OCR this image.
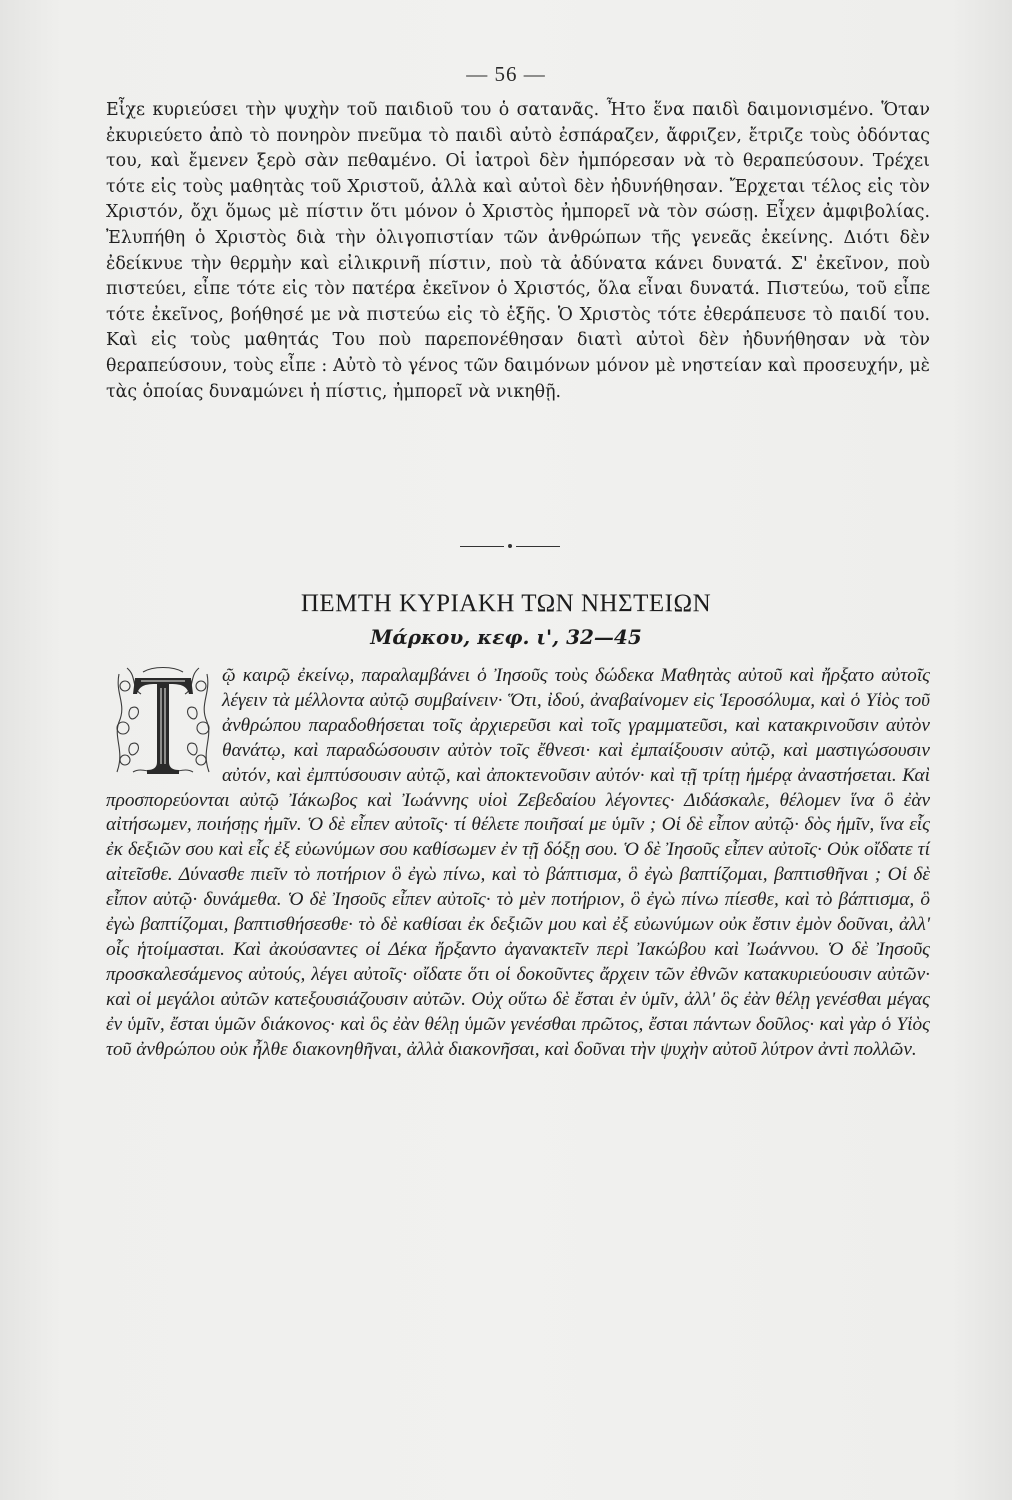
— 56 —

Εἶχε κυριεύσει τὴν ψυχὴν τοῦ παιδιοῦ του ὁ σατανᾶς. Ἦτο ἕνα παιδὶ δαιμονισμένο. Ὅταν ἐκυριεύετο ἀπὸ τὸ πονηρὸν πνεῦμα τὸ παιδὶ αὐτὸ ἐσπάραζεν, ἄφριζεν, ἔτριζε τοὺς ὀδόντας του, καὶ ἔμενεν ξερὸ σὰν πεθαμένο. Οἱ ἰατροὶ δὲν ἠμπόρεσαν νὰ τὸ θεραπεύσουν. Τρέχει τότε εἰς τοὺς μαθητὰς τοῦ Χριστοῦ, ἀλλὰ καὶ αὐτοὶ δὲν ἠδυνήθησαν. Ἔρχεται τέλος εἰς τὸν Χριστόν, ὄχι ὅμως μὲ πίστιν ὅτι μόνον ὁ Χριστὸς ἠμπορεῖ νὰ τὸν σώσῃ. Εἶχεν ἀμφιβολίας. Ἐλυπήθη ὁ Χριστὸς διὰ τὴν ὀλιγοπιστίαν τῶν ἀνθρώπων τῆς γενεᾶς ἐκείνης. Διότι δὲν ἐδείκνυε τὴν θερμὴν καὶ εἰλικρινῆ πίστιν, ποὺ τὰ ἀδύνατα κάνει δυνατά. Σ' ἐκεῖνον, ποὺ πιστεύει, εἶπε τότε εἰς τὸν πατέρα ἐκεῖνον ὁ Χριστός, ὅλα εἶναι δυνατά. Πιστεύω, τοῦ εἶπε τότε ἐκεῖνος, βοήθησέ με νὰ πιστεύω εἰς τὸ ἑξῆς. Ὁ Χριστὸς τότε ἐθεράπευσε τὸ παιδί του. Καὶ εἰς τοὺς μαθητάς Του ποὺ παρεπονέθησαν διατὶ αὐτοὶ δὲν ἠδυνήθησαν νὰ τὸν θεραπεύσουν, τοὺς εἶπε : Αὐτὸ τὸ γένος τῶν δαιμόνων μόνον μὲ νηστείαν καὶ προσευχήν, μὲ τὰς ὁποίας δυναμώνει ἡ πίστις, ἠμπορεῖ νὰ νικηθῇ.

ΠΕΜΤΗ ΚΥΡΙΑΚΗ ΤΩΝ ΝΗΣΤΕΙΩΝ
Μάρκου, κεφ. ι', 32—45

ῷ καιρῷ ἐκείνῳ, παραλαμβάνει ὁ Ἰησοῦς τοὺς δώδεκα Μαθητὰς αὐτοῦ καὶ ἤρξατο αὐτοῖς λέγειν τὰ μέλλοντα αὐτῷ συμβαίνειν· Ὅτι, ἰδού, ἀναβαίνομεν εἰς Ἱεροσόλυμα, καὶ ὁ Υἱὸς τοῦ ἀνθρώπου παραδοθήσεται τοῖς ἀρχιερεῦσι καὶ τοῖς γραμματεῦσι, καὶ κατακρινοῦσιν αὐτὸν θανάτῳ, καὶ παραδώσουσιν αὐτὸν τοῖς ἔθνεσι· καὶ ἐμπαίξουσιν αὐτῷ, καὶ μαστιγώσουσιν αὐτόν, καὶ ἐμπτύσουσιν αὐτῷ, καὶ ἀποκτενοῦσιν αὐτόν· καὶ τῇ τρίτῃ ἡμέρᾳ ἀναστήσεται. Καὶ προσπορεύονται αὐτῷ Ἰάκωβος καὶ Ἰωάννης υἱοὶ Ζεβεδαίου λέγοντες· Διδάσκαλε, θέλομεν ἵνα ὃ ἐὰν αἰτήσωμεν, ποιήσῃς ἡμῖν. Ὁ δὲ εἶπεν αὐτοῖς· τί θέλετε ποιῆσαί με ὑμῖν ; Οἱ δὲ εἶπον αὐτῷ· δὸς ἡμῖν, ἵνα εἷς ἐκ δεξιῶν σου καὶ εἷς ἐξ εὐωνύμων σου καθίσωμεν ἐν τῇ δόξῃ σου. Ὁ δὲ Ἰησοῦς εἶπεν αὐτοῖς· Οὐκ οἴδατε τί αἰτεῖσθε. Δύνασθε πιεῖν τὸ ποτήριον ὃ ἐγὼ πίνω, καὶ τὸ βάπτισμα, ὃ ἐγὼ βαπτίζομαι, βαπτισθῆναι ; Οἱ δὲ εἶπον αὐτῷ· δυνάμεθα. Ὁ δὲ Ἰησοῦς εἶπεν αὐτοῖς· τὸ μὲν ποτήριον, ὃ ἐγὼ πίνω πίεσθε, καὶ τὸ βάπτισμα, ὃ ἐγὼ βαπτίζομαι, βαπτισθήσεσθε· τὸ δὲ καθίσαι ἐκ δεξιῶν μου καὶ ἐξ εὐωνύμων οὐκ ἔστιν ἐμὸν δοῦναι, ἀλλ' οἷς ἡτοίμασται. Καὶ ἀκούσαντες οἱ Δέκα ἤρξαντο ἀγανακτεῖν περὶ Ἰακώβου καὶ Ἰωάννου. Ὁ δὲ Ἰησοῦς προσκαλεσάμενος αὐτούς, λέγει αὐτοῖς· οἴδατε ὅτι οἱ δοκοῦντες ἄρχειν τῶν ἐθνῶν κατακυριεύουσιν αὐτῶν· καὶ οἱ μεγάλοι αὐτῶν κατεξουσιάζουσιν αὐτῶν. Οὐχ οὕτω δὲ ἔσται ἐν ὑμῖν, ἀλλ' ὃς ἐὰν θέλῃ γενέσθαι μέγας ἐν ὑμῖν, ἔσται ὑμῶν διάκονος· καὶ ὃς ἐὰν θέλῃ ὑμῶν γενέσθαι πρῶτος, ἔσται πάντων δοῦλος· καὶ γὰρ ὁ Υἱὸς τοῦ ἀνθρώπου οὐκ ἦλθε διακονηθῆναι, ἀλλὰ διακονῆσαι, καὶ δοῦναι τὴν ψυχὴν αὐτοῦ λύτρον ἀντὶ πολλῶν.
